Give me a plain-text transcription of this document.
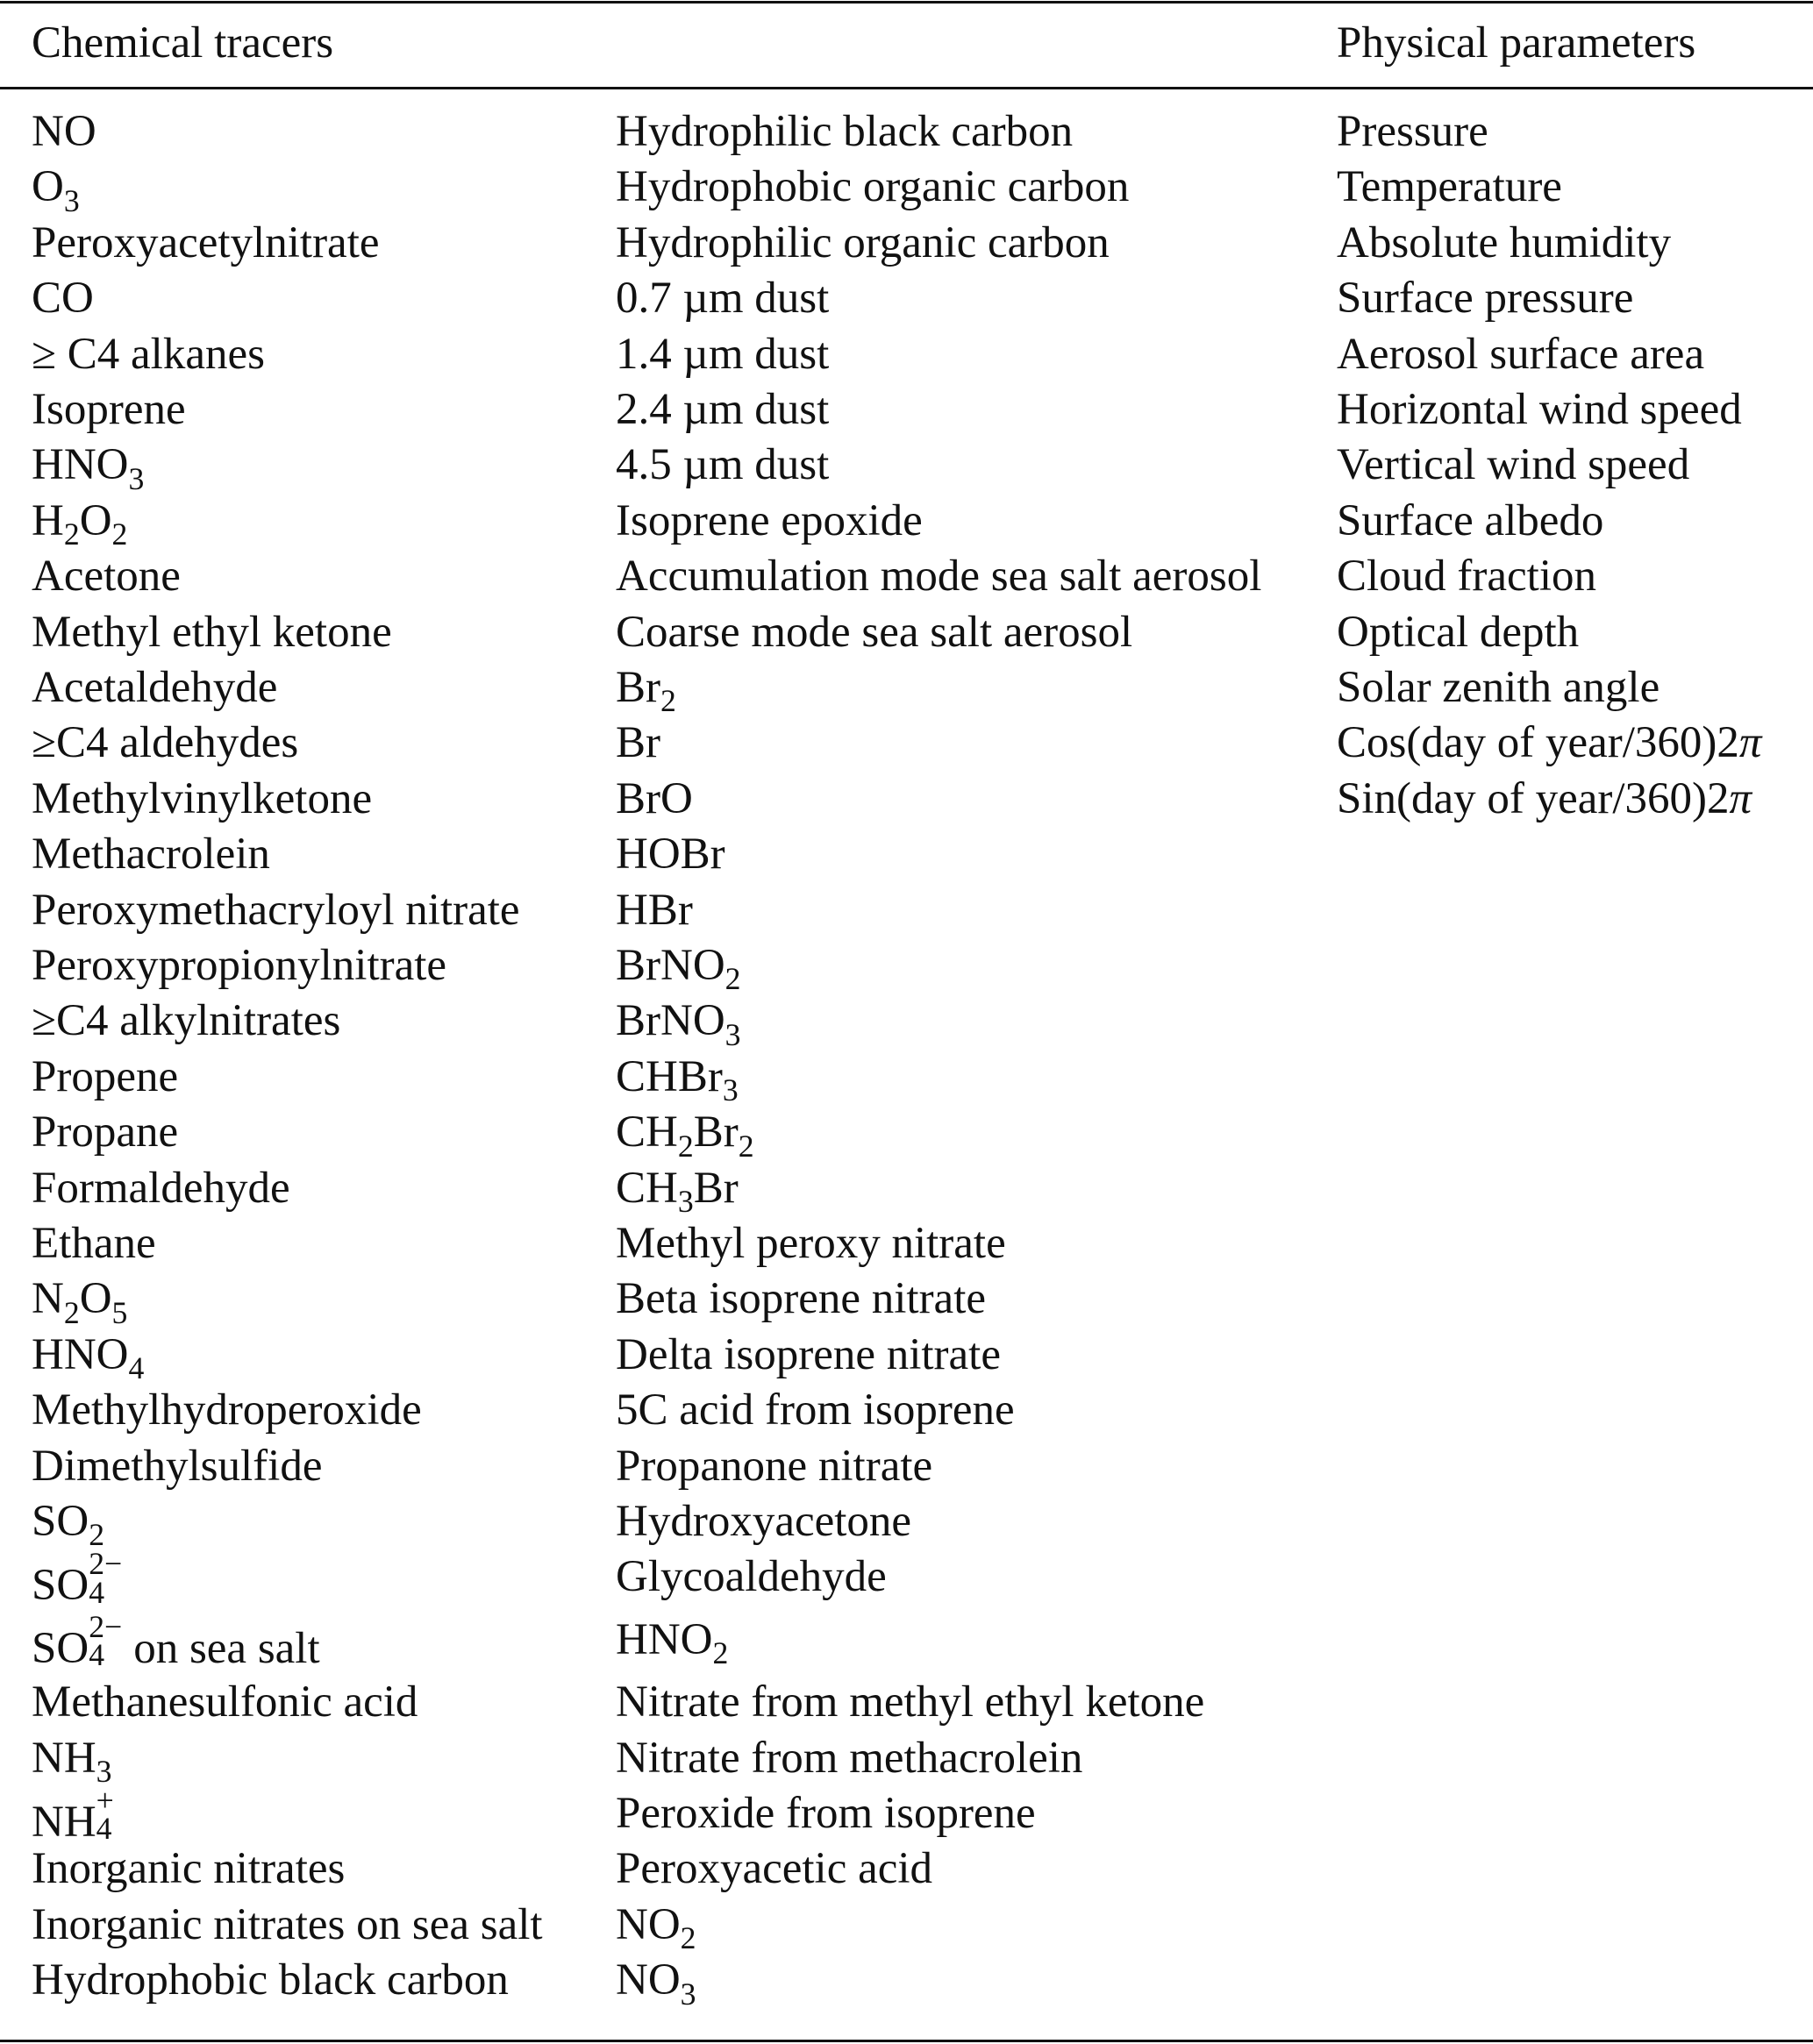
Chemical tracers	Physical parameters
NO
$O_3$
Peroxyacetylnitrate
CO
≥ C4 alkanes
Isoprene
$HNO_3$
$H_2O_2$
Acetone
Methyl ethyl ketone
Acetaldehyde
≥C4 aldehydes
Methylvinylketone
Methacrolein
Peroxymethacryloyl nitrate
Peroxypropionylnitrate
≥C4 alkylnitrates
Propene
Propane
Formaldehyde
Ethane
$N_2O_5$
$HNO_4$
Methylhydroperoxide
Dimethylsulfide
$SO_2$
SO 2−
4
SO 2−
4 on sea salt
Methanesulfonic acid
$NH_3$
NH +
4
Inorganic nitrates
Inorganic nitrates on sea salt
Hydrophobic black carbon
Hydrophilic black carbon
Hydrophobic organic carbon
Hydrophilic organic carbon
0.7 µm dust
1.4 µm dust
2.4 µm dust
4.5 µm dust
Isoprene epoxide
Accumulation mode sea salt aerosol
Coarse mode sea salt aerosol
$Br_2$
Br
BrO
HOBr
HBr
BrNO$_2$
BrNO$_3$
CHBr$_3$
$CH_2Br_2$
$CH_3Br$
Methyl peroxy nitrate
Beta isoprene nitrate
Delta isoprene nitrate
5C acid from isoprene
Propanone nitrate
Hydroxyacetone
Glycoaldehyde
$HNO_2$
Nitrate from methyl ethyl ketone
Nitrate from methacrolein
Peroxide from isoprene
Peroxyacetic acid
$NO_2$
$NO_3$
Pressure
Temperature
Absolute humidity
Surface pressure
Aerosol surface area
Horizontal wind speed
Vertical wind speed
Surface albedo
Cloud fraction
Optical depth
Solar zenith angle
Cos(day of year/360)2π
Sin(day of year/360)2π
